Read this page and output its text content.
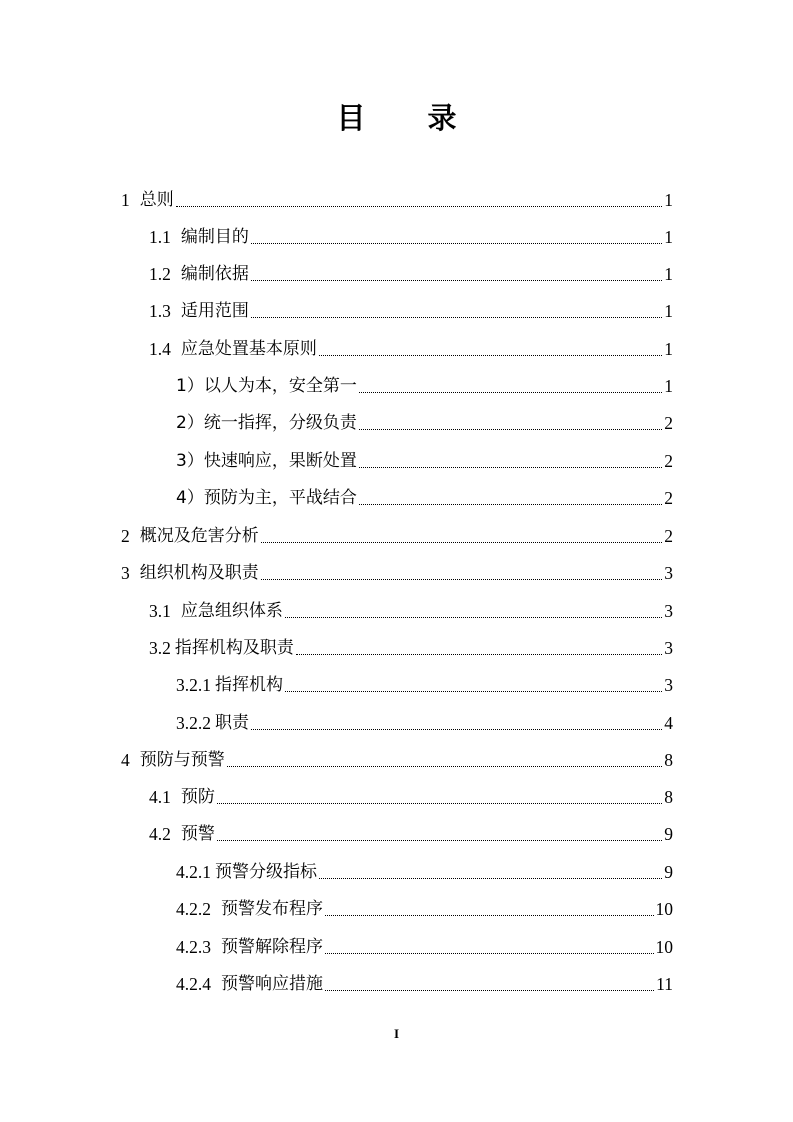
目 录
1 总则	1
1.1 编制目的	1
1.2 编制依据	1
1.3 适用范围	1
1.4 应急处置基本原则	1
1）以人为本，安全第一	1
2）统一指挥，分级负责	2
3）快速响应，果断处置	2
4）预防为主，平战结合	2
2 概况及危害分析	2
3 组织机构及职责	3
3.1 应急组织体系	3
3.2 指挥机构及职责	3
3.2.1 指挥机构	3
3.2.2 职责	4
4 预防与预警	8
4.1 预防	8
4.2 预警	9
4.2.1 预警分级指标	9
4.2.2 预警发布程序	10
4.2.3 预警解除程序	10
4.2.4 预警响应措施	11
I
